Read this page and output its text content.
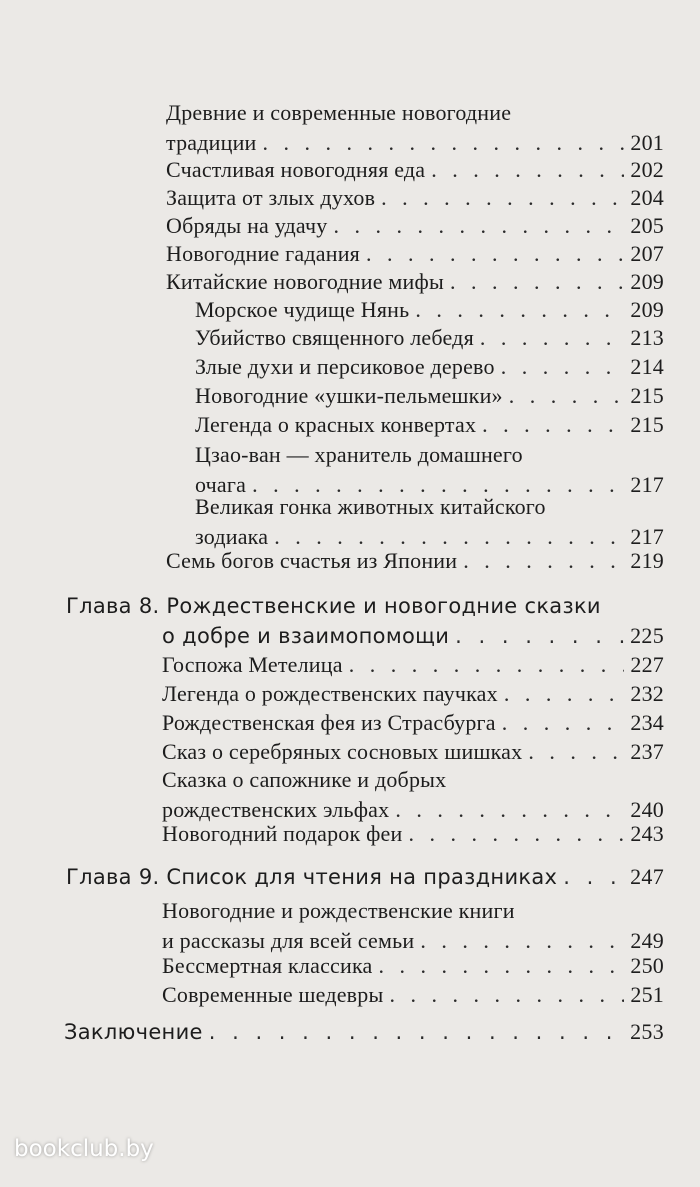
Древние и современные новогодние
традиции . . .	201
Счастливая новогодняя еда . . .	202
Защита от злых духов . . .	204
Обряды на удачу . . .	205
Новогодние гадания . . .	207
Китайские новогодние мифы . . .	209
Морское чудище Нянь . . .	209
Убийство священного лебедя . . .	213
Злые духи и персиковое дерево . . .	214
Новогодние «ушки-пельмешки» . . .	215
Легенда о красных конвертах . . .	215
Цзао-ван — хранитель домашнего
очага . . .	217
Великая гонка животных китайского
зодиака . . .	217
Семь богов счастья из Японии . . .	219
Глава 8. Рождественские и новогодние сказки
о добре и взаимопомощи . . .	225
Госпожа Метелица . . .	227
Легенда о рождественских паучках . . .	232
Рождественская фея из Страсбурга . . .	234
Сказ о серебряных сосновых шишках . . .	237
Сказка о сапожнике и добрых
рождественских эльфах . . .	240
Новогодний подарок феи . . .	243
Глава 9. Список для чтения на праздниках . . .	247
Новогодние и рождественские книги
и рассказы для всей семьи . . .	249
Бессмертная классика . . .	250
Современные шедевры . . .	251
Заключение . . .	253
bookclub.by
